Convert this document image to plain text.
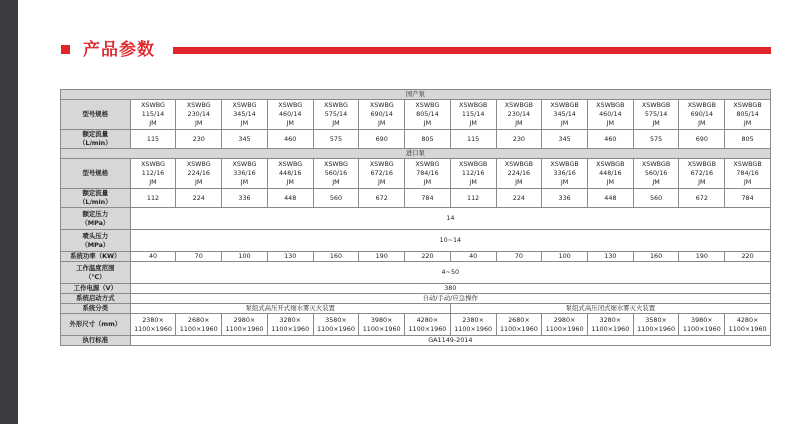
产品参数
国产泵														
型号规格	XSWBG
115/14
JM	XSWBG
230/14
JM	XSWBG
345/14
JM	XSWBG
460/14
JM	XSWBG
575/14
JM	XSWBG
690/14
JM	XSWBG
805/14
JM	XSWBGB
115/14
JM	XSWBGB
230/14
JM	XSWBGB
345/14
JM	XSWBGB
460/14
JM	XSWBGB
575/14
JM	XSWBGB
690/14
JM	XSWBGB
805/14
JM
额定流量
（L/min）	115	230	345	460	575	690	805	115	230	345	460	575	690	805
进口泵														
型号规格	XSWBG
112/16
JM	XSWBG
224/16
JM	XSWBG
336/16
JM	XSWBG
448/16
JM	XSWBG
560/16
JM	XSWBG
672/16
JM	XSWBG
784/16
JM	XSWBGB
112/16
JM	XSWBGB
224/16
JM	XSWBGB
336/16
JM	XSWBGB
448/16
JM	XSWBGB
560/16
JM	XSWBGB
672/16
JM	XSWBGB
784/16
JM
额定流量
（L/min）	112	224	336	448	560	672	784	112	224	336	448	560	672	784
额定压力
（MPa）	14													
喷头压力
（MPa）	10~14													
系统功率（KW）	40	70	100	130	160	190	220	40	70	100	130	160	190	220
工作温度范围
（℃）	4~50													
工作电源（V）	380													
系统启动方式	自动/手动/应急操作													
系统分类	泵组式高压开式细水雾灭火装置							泵组式高压闭式细水雾灭火装置						
外形尺寸（mm）	2380×
1100×1960	2680×
1100×1960	2980×
1100×1960	3280×
1100×1960	3580×
1100×1960	3980×
1100×1960	4280×
1100×1960	2380×
1100×1960	2680×
1100×1960	2980×
1100×1960	3280×
1100×1960	3580×
1100×1960	3980×
1100×1960	4280×
1100×1960
执行标准	GA1149-2014													
